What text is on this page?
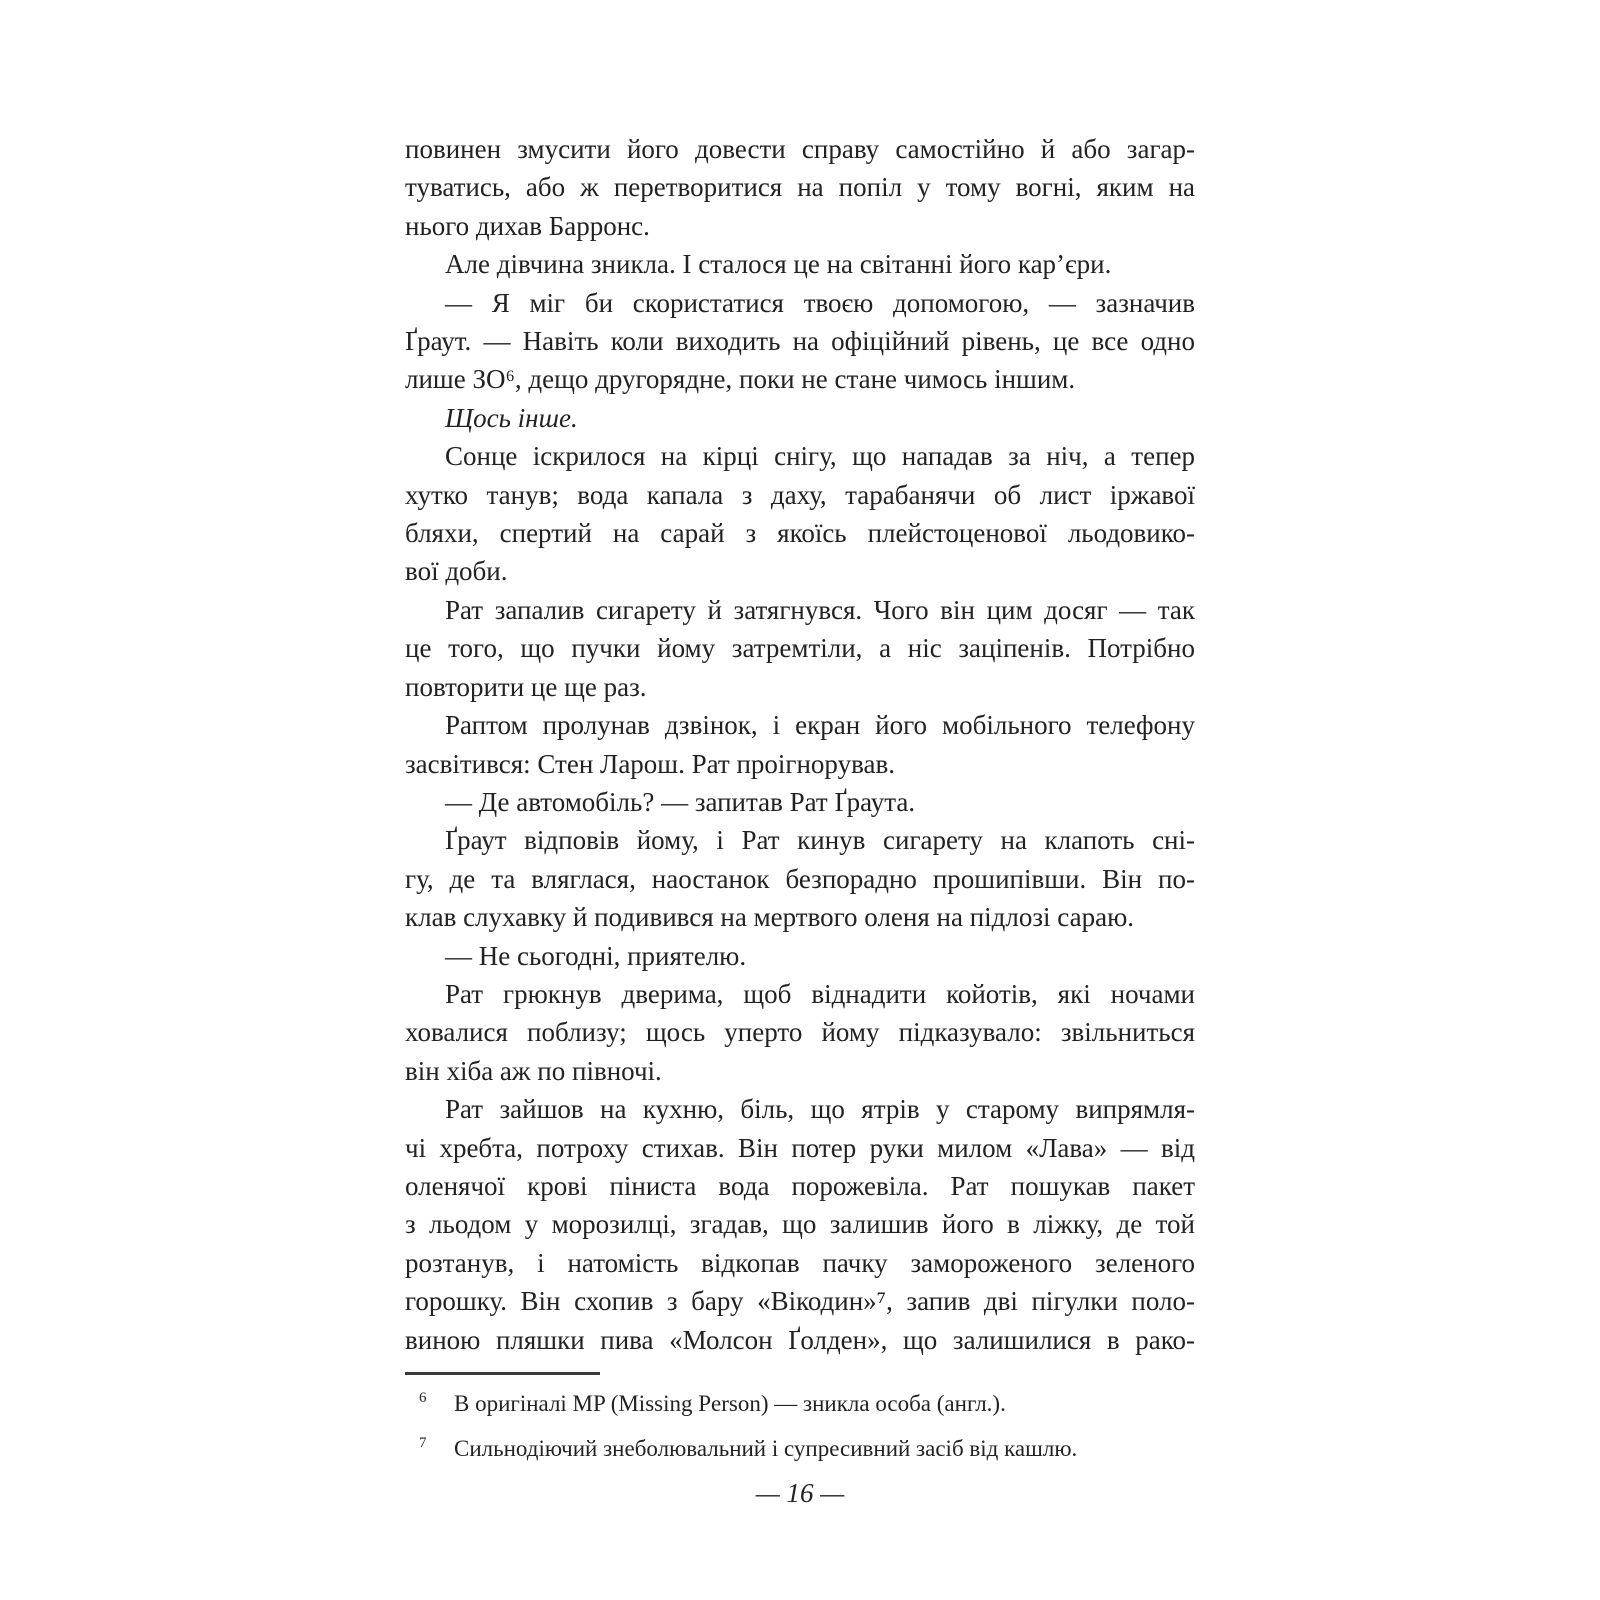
повинен змусити його довести справу самостійно й або загар-
туватись, або ж перетворитися на попіл у тому вогні, яким на
нього дихав Барронс.
Але дівчина зникла. І сталося це на світанні його кар’єри.
— Я міг би скористатися твоєю допомогою, — зазначив
Ґраут. — Навіть коли виходить на офіційний рівень, це все одно
лише ЗО⁶, дещо другорядне, поки не стане чимось іншим.
Щось інше.
Сонце іскрилося на кірці снігу, що нападав за ніч, а тепер
хутко танув; вода капала з даху, тарабанячи об лист іржавої
бляхи, спертий на сарай з якоїсь плейстоценової льодовико-
вої доби.
Рат запалив сигарету й затягнувся. Чого він цим досяг — так
це того, що пучки йому затремтіли, а ніс заціпенів. Потрібно
повторити це ще раз.
Раптом пролунав дзвінок, і екран його мобільного телефону
засвітився: Стен Ларош. Рат проігнорував.
— Де автомобіль? — запитав Рат Ґраута.
Ґраут відповів йому, і Рат кинув сигарету на клапоть сні-
гу, де та вляглася, наостанок безпорадно прошипівши. Він по-
клав слухавку й подивився на мертвого оленя на підлозі сараю.
— Не сьогодні, приятелю.
Рат грюкнув дверима, щоб віднадити койотів, які ночами
ховалися поблизу; щось уперто йому підказувало: звільниться
він хіба аж по півночі.
Рат зайшов на кухню, біль, що ятрів у старому випрямля-
чі хребта, потроху стихав. Він потер руки милом «Лава» — від
оленячої крові піниста вода порожевіла. Рат пошукав пакет
з льодом у морозилці, згадав, що залишив його в ліжку, де той
розтанув, і натомість відкопав пачку замороженого зеленого
горошку. Він схопив з бару «Вікодин»⁷, запив дві пігулки поло-
виною пляшки пива «Молсон Ґолден», що залишилися в рако-
6	В оригіналі MP (Missing Person) — зникла особа (англ.).
7	Сильнодіючий знеболювальний і супресивний засіб від кашлю.
— 16 —
